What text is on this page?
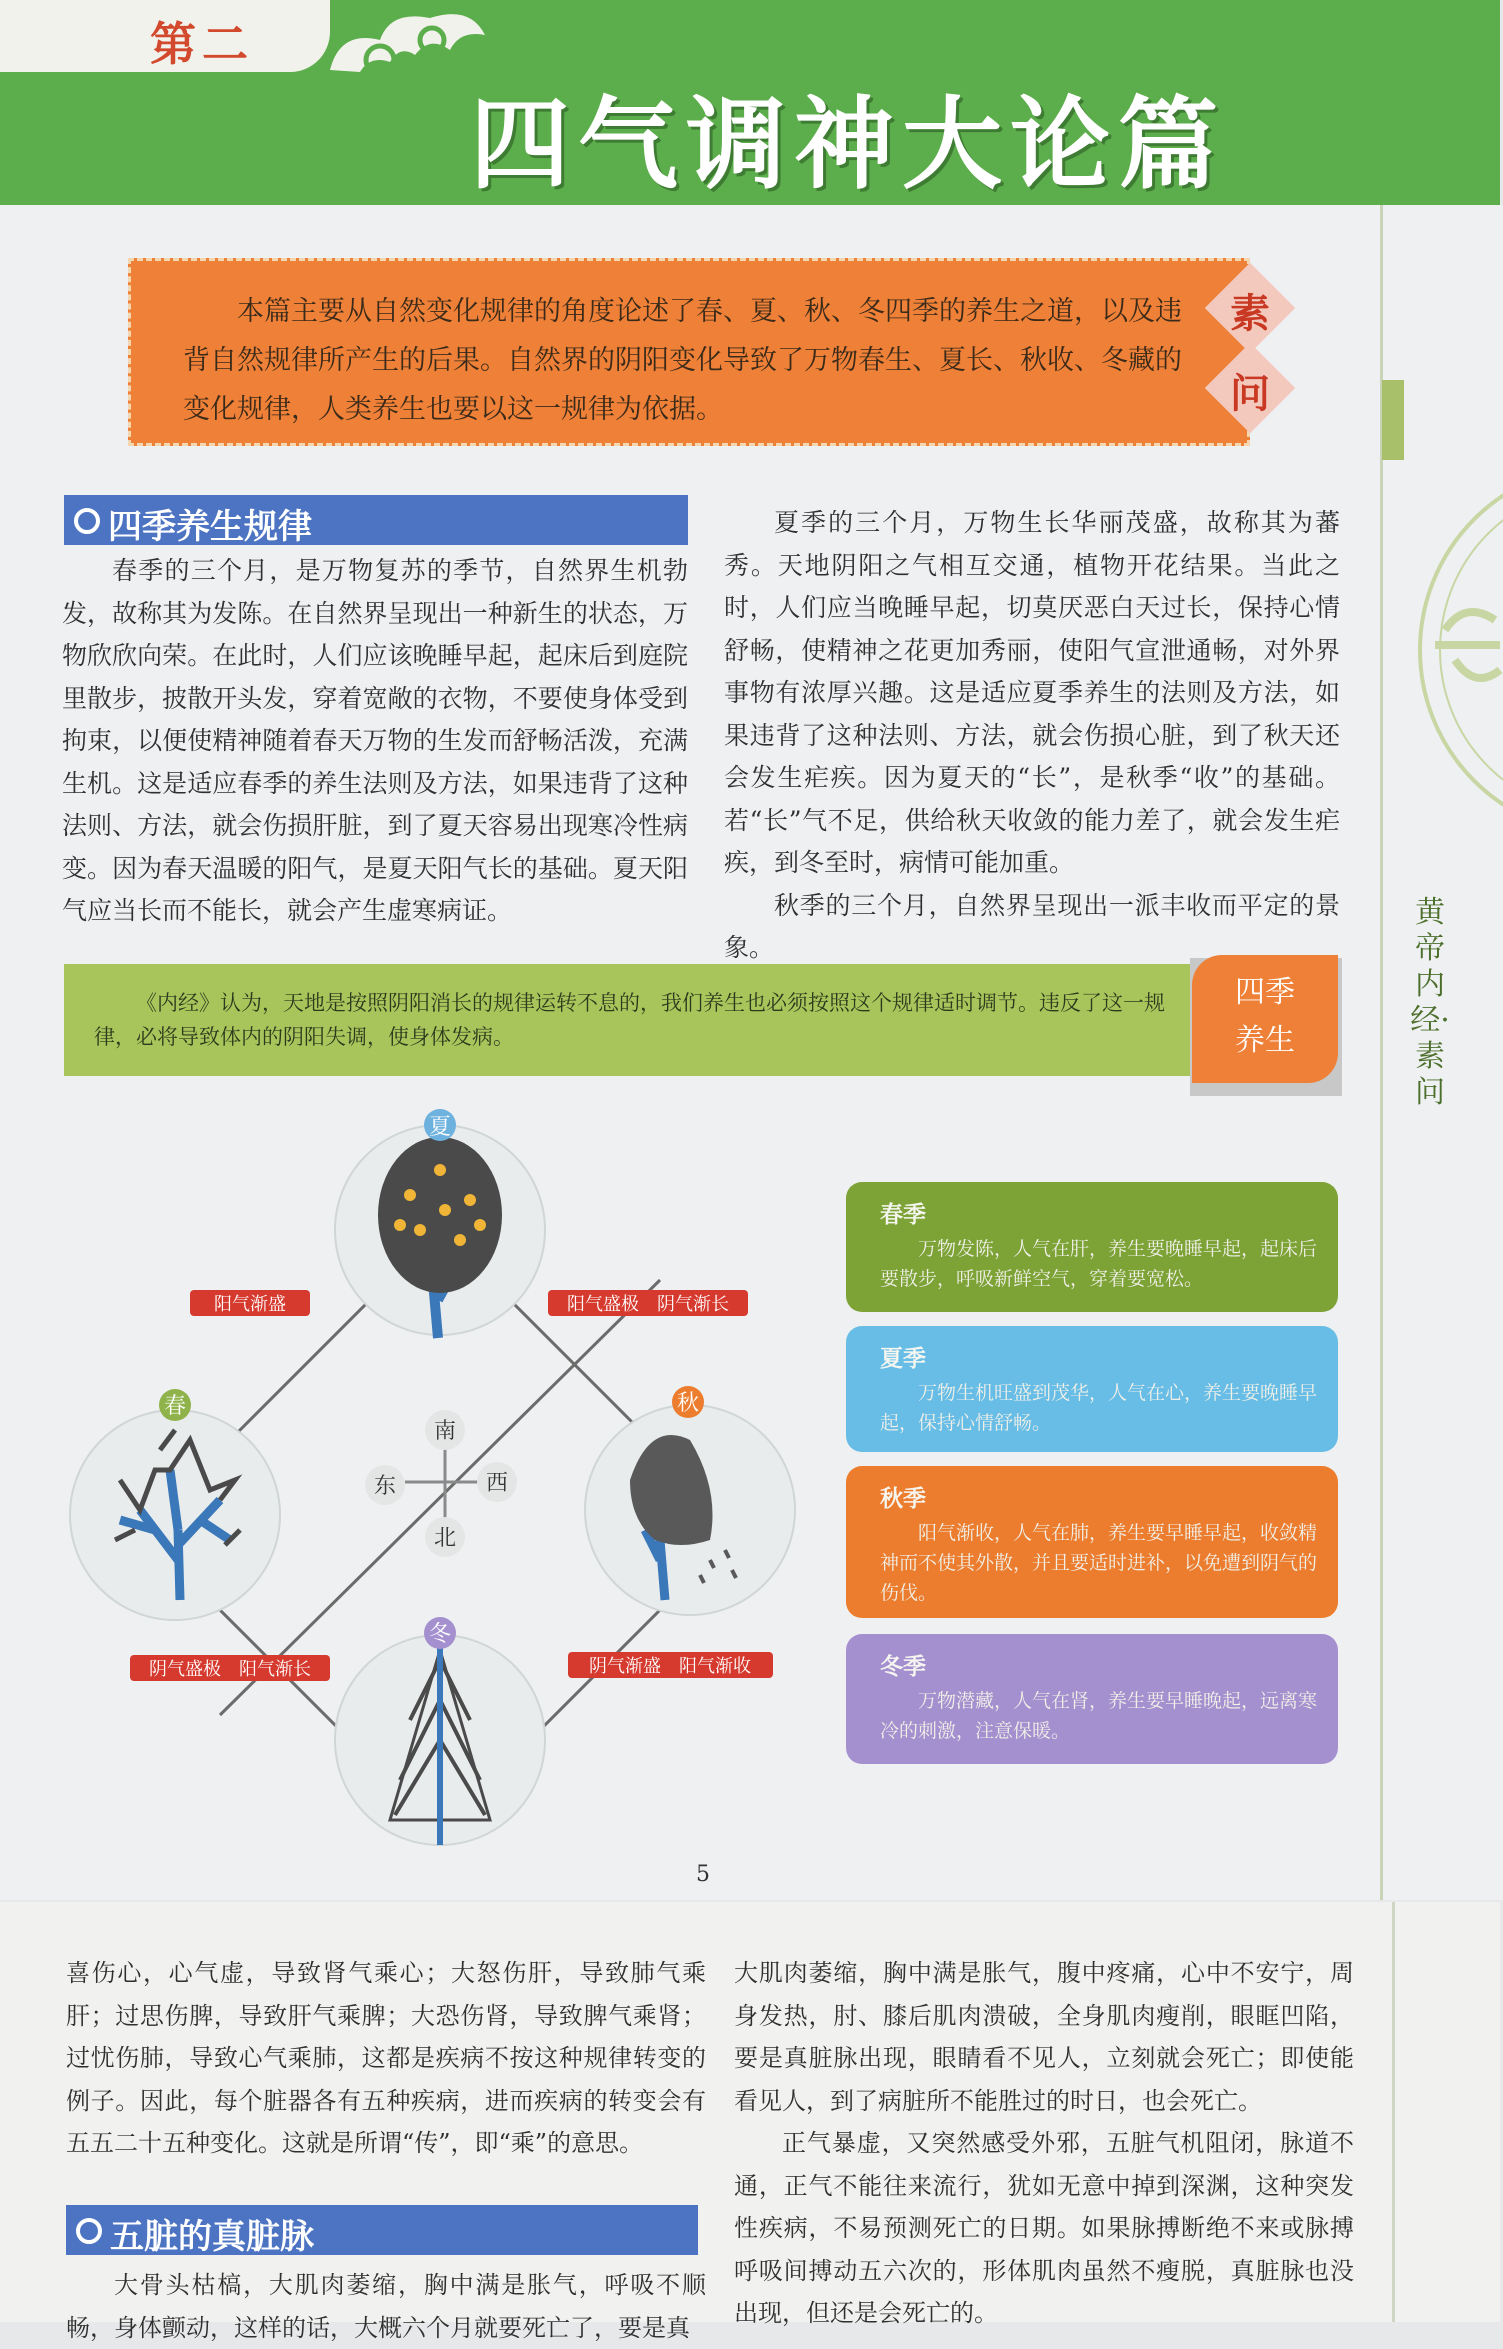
第二
四气调神大论篇
黄帝内经·素问
本篇主要从自然变化规律的角度论述了春、夏、秋、冬四季的养生之道，以及违背自然规律所产生的后果。自然界的阴阳变化导致了万物春生、夏长、秋收、冬藏的变化规律，人类养生也要以这一规律为依据。
素
问
四季养生规律

春季的三个月，是万物复苏的季节，自然界生机勃发，故称其为发陈。在自然界呈现出一种新生的状态，万物欣欣向荣。在此时，人们应该晚睡早起，起床后到庭院里散步，披散开头发，穿着宽敞的衣物，不要使身体受到拘束，以便使精神随着春天万物的生发而舒畅活泼，充满生机。这是适应春季的养生法则及方法，如果违背了这种法则、方法，就会伤损肝脏，到了夏天容易出现寒冷性病变。因为春天温暖的阳气，是夏天阳气长的基础。夏天阳气应当长而不能长，就会产生虚寒病证。

夏季的三个月，万物生长华丽茂盛，故称其为蕃秀。天地阴阳之气相互交通，植物开花结果。当此之时，人们应当晚睡早起，切莫厌恶白天过长，保持心情舒畅，使精神之花更加秀丽，使阳气宣泄通畅，对外界事物有浓厚兴趣。这是适应夏季养生的法则及方法，如果违背了这种法则、方法，就会伤损心脏，到了秋天还会发生疟疾。因为夏天的“长”，是秋季“收”的基础。若“长”气不足，供给秋天收敛的能力差了，就会发生疟疾，到冬至时，病情可能加重。

秋季的三个月，自然界呈现出一派丰收而平定的景象。

《内经》认为，天地是按照阴阳消长的规律运转不息的，我们养生也必须按照这个规律适时调节。违反了这一规律，必将导致体内的阴阳失调，使身体发病。
四季
养生
夏
春	秋
冬
南
东	西
北
阳气渐盛	阳气盛极　阴气渐长
阴气盛极　阳气渐长	阴气渐盛　阳气渐收
春季
万物发陈，人气在肝，养生要晚睡早起，起床后要散步，呼吸新鲜空气，穿着要宽松。
夏季
万物生机旺盛到茂华，人气在心，养生要晚睡早起，保持心情舒畅。
秋季
阳气渐收，人气在肺，养生要早睡早起，收敛精神而不使其外散，并且要适时进补，以免遭到阴气的伤伐。
冬季
万物潜藏，人气在肾，养生要早睡晚起，远离寒冷的刺激，注意保暖。
5

喜伤心，心气虚，导致肾气乘心；大怒伤肝，导致肺气乘肝；过思伤脾，导致肝气乘脾；大恐伤肾，导致脾气乘肾；过忧伤肺，导致心气乘肺，这都是疾病不按这种规律转变的例子。因此，每个脏器各有五种疾病，进而疾病的转变会有五五二十五种变化。这就是所谓“传”，即“乘”的意思。

五脏的真脏脉

大骨头枯槁，大肌肉萎缩，胸中满是胀气，呼吸不顺畅，身体颤动，这样的话，大概六个月就要死亡了，要是真

大肌肉萎缩，胸中满是胀气，腹中疼痛，心中不安宁，周身发热，肘、膝后肌肉溃破，全身肌肉瘦削，眼眶凹陷，要是真脏脉出现，眼睛看不见人，立刻就会死亡；即使能看见人，到了病脏所不能胜过的时日，也会死亡。

正气暴虚，又突然感受外邪，五脏气机阻闭，脉道不通，正气不能往来流行，犹如无意中掉到深渊，这种突发性疾病，不易预测死亡的日期。如果脉搏断绝不来或脉搏呼吸间搏动五六次的，形体肌肉虽然不瘦脱，真脏脉也没出现，但还是会死亡的。
